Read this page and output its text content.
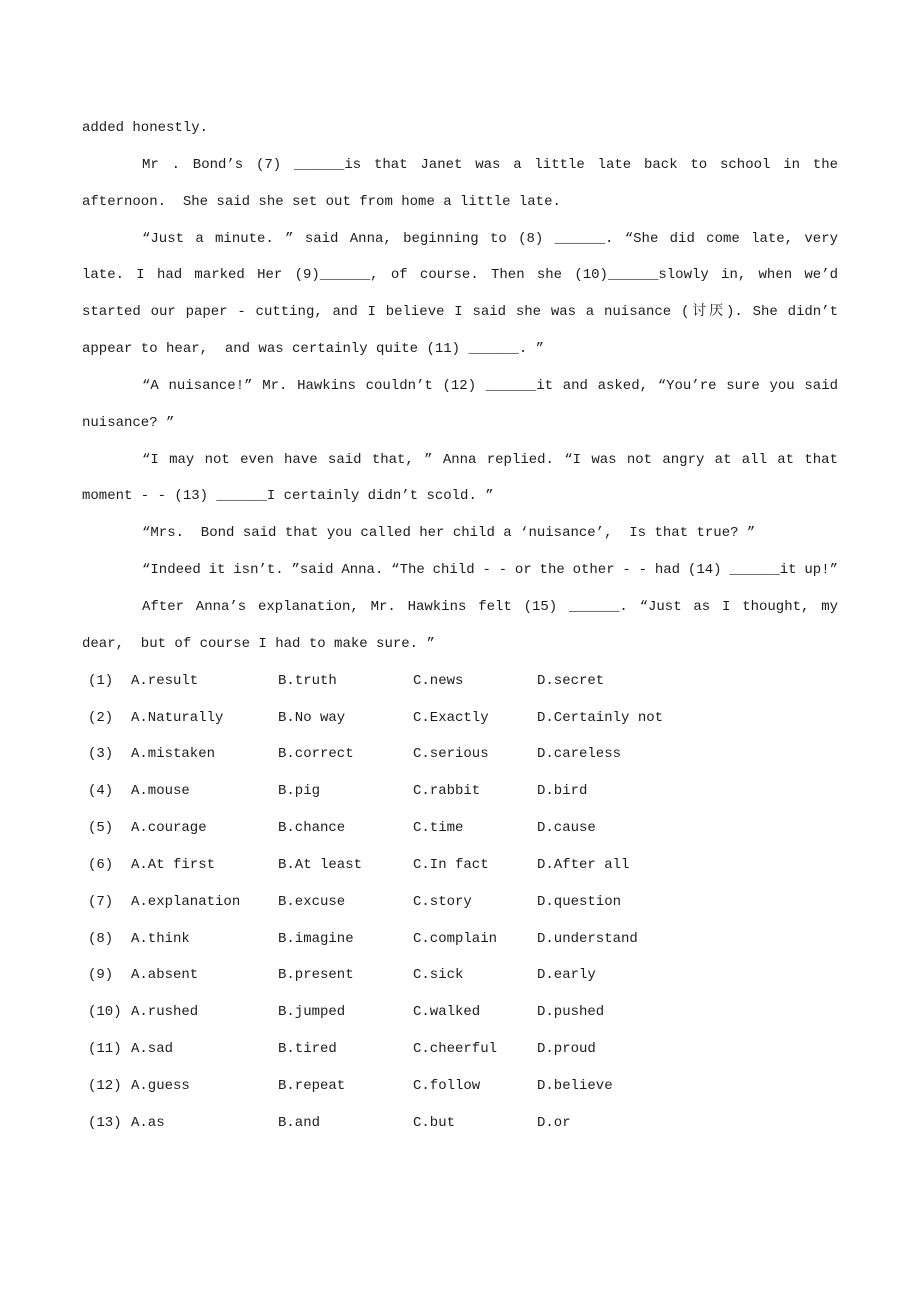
added honestly.
Mr . Bond’s (7) ______is that Janet was a little late back to school in the
afternoon.  She said she set out from home a little late.
“Just a minute. ” said Anna, beginning to (8) ______. “She did come late, very
late. I had marked Her (9)______, of course. Then she (10)______slowly in, when we’d
started our paper - cutting, and I believe I said she was a nuisance (讨厌). She didn’t
appear to hear,  and was certainly quite (11) ______. ”
“A nuisance!” Mr. Hawkins couldn’t (12) ______it and asked, “You’re sure you said
nuisance? ”
“I may not even have said that, ” Anna replied. “I was not angry at all at that
moment - - (13) ______I certainly didn’t scold. ”
“Mrs.  Bond said that you called her child a ‘nuisance’,  Is that true? ”
“Indeed it isn’t. ”said Anna. “The child - - or the other - - had (14) ______it up!”
After Anna’s explanation, Mr. Hawkins felt (15) ______. “Just as I thought, my
dear,  but of course I had to make sure. ”
(1)	A.result	B.truth	C.news	D.secret
(2)	A.Naturally	B.No way	C.Exactly	D.Certainly not
(3)	A.mistaken	B.correct	C.serious	D.careless
(4)	A.mouse	B.pig	C.rabbit	D.bird
(5)	A.courage	B.chance	C.time	D.cause
(6)	A.At first	B.At least	C.In fact	D.After all
(7)	A.explanation	B.excuse	C.story	D.question
(8)	A.think	B.imagine	C.complain	D.understand
(9)	A.absent	B.present	C.sick	D.early
(10) A.rushed	B.jumped	C.walked	D.pushed
(11) A.sad	B.tired	C.cheerful	D.proud
(12) A.guess	B.repeat	C.follow	D.believe
(13) A.as	B.and	C.but	D.or
